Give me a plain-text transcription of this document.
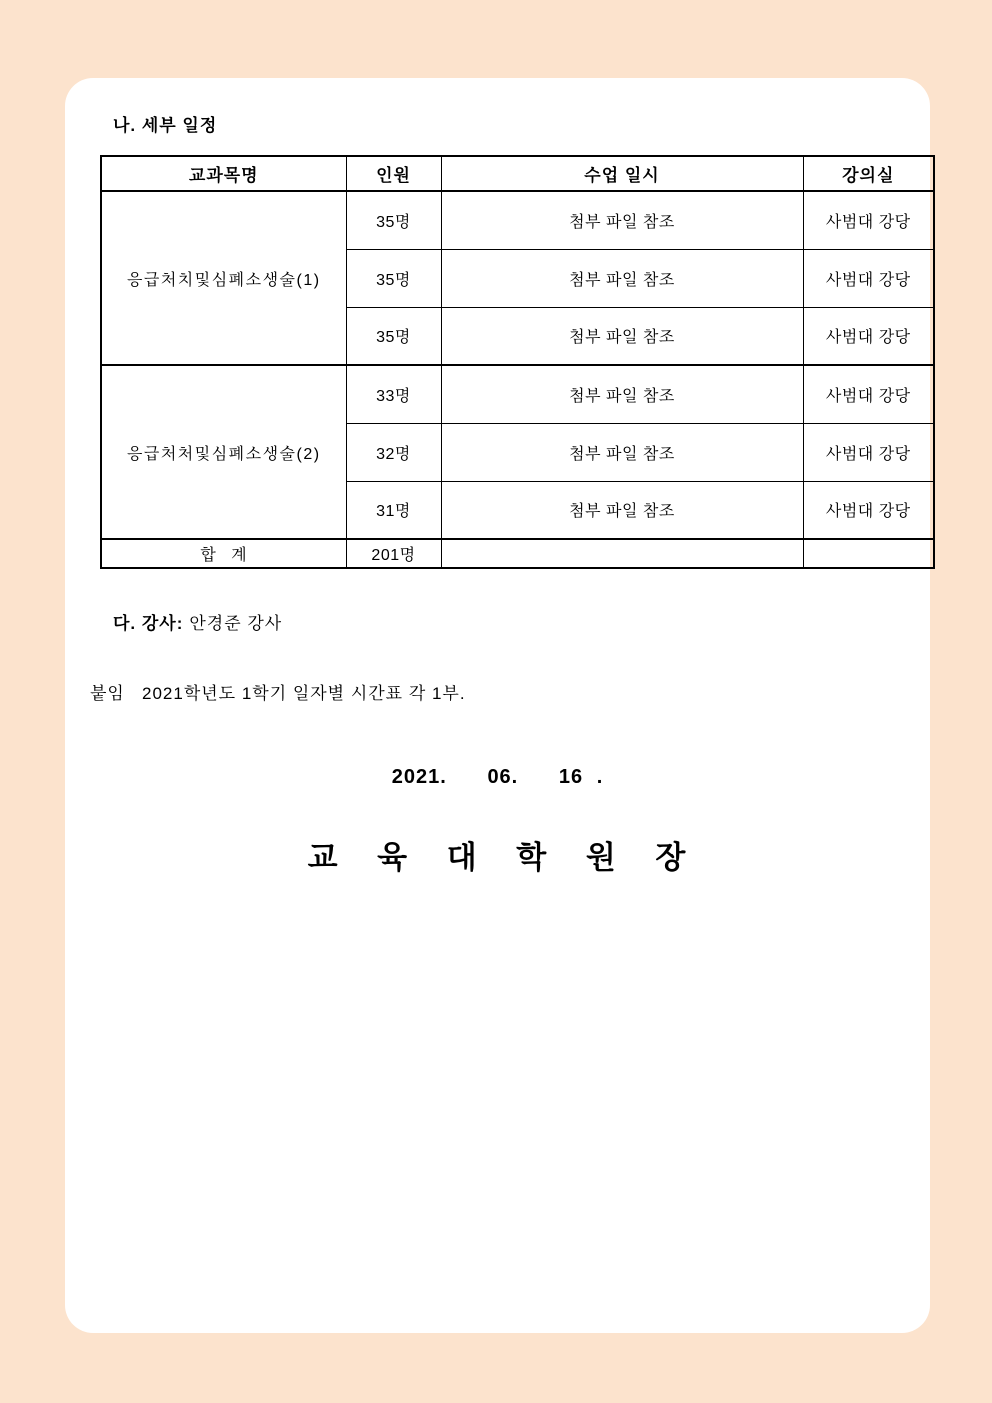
나. 세부 일정
교과목명	인원	수업 일시	강의실
응급처치및심폐소생술(1)	35명	첨부 파일 참조	사범대 강당
	35명	첨부 파일 참조	사범대 강당
	35명	첨부 파일 참조	사범대 강당
응급처처및심폐소생술(2)	33명	첨부 파일 참조	사범대 강당
	32명	첨부 파일 참조	사범대 강당
	31명	첨부 파일 참조	사범대 강당
합   계	201명		
다. 강사: 안경준 강사
붙임   2021학년도 1학기 일자별 시간표 각 1부.
2021.   06.   16 .
교 육 대 학 원 장
